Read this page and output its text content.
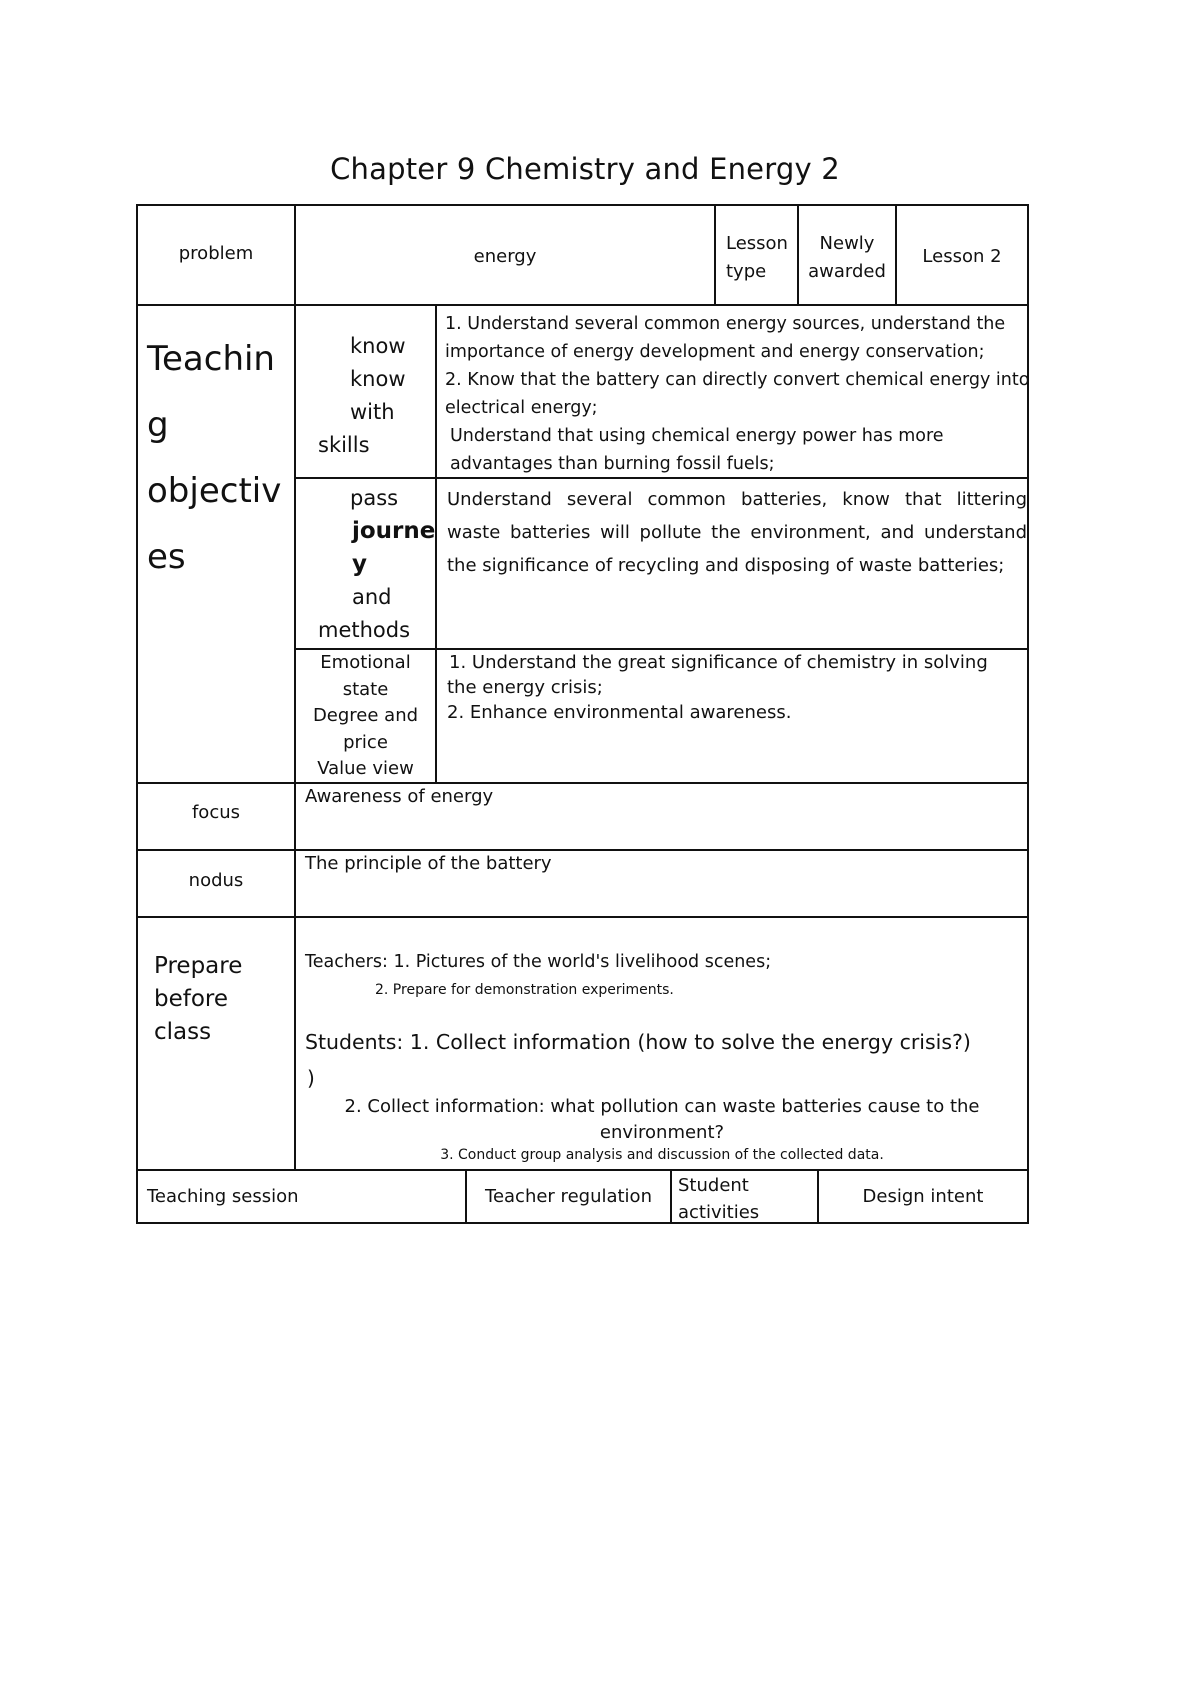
Chapter 9 Chemistry and Energy 2
problem	energy
Lesson
type
Newly
awarded
Lesson 2
Teachin
g
objectiv
es
know
know
with
skills
1. Understand several common energy sources, understand the
importance of energy development and energy conservation;
2. Know that the battery can directly convert chemical energy into
electrical energy;
Understand that using chemical energy power has more
advantages than burning fossil fuels;
pass
journe
y
and
methods
Understand several common batteries, know that littering waste batteries will pollute the environment, and understand the significance of recycling and disposing of waste batteries;
Emotional
state
Degree and
price
Value view
1. Understand the great significance of chemistry in solving
the energy crisis;
2. Enhance environmental awareness.
focus
Awareness of energy
nodus
The principle of the battery
Prepare
before
class
Teachers: 1. Pictures of the world's livelihood scenes;
2. Prepare for demonstration experiments.
Students: 1. Collect information (how to solve the energy crisis?)
)
2. Collect information: what pollution can waste batteries cause to the
environment?
3. Conduct group analysis and discussion of the collected data.
Teaching session	Teacher regulation
Student
activities
Design intent
